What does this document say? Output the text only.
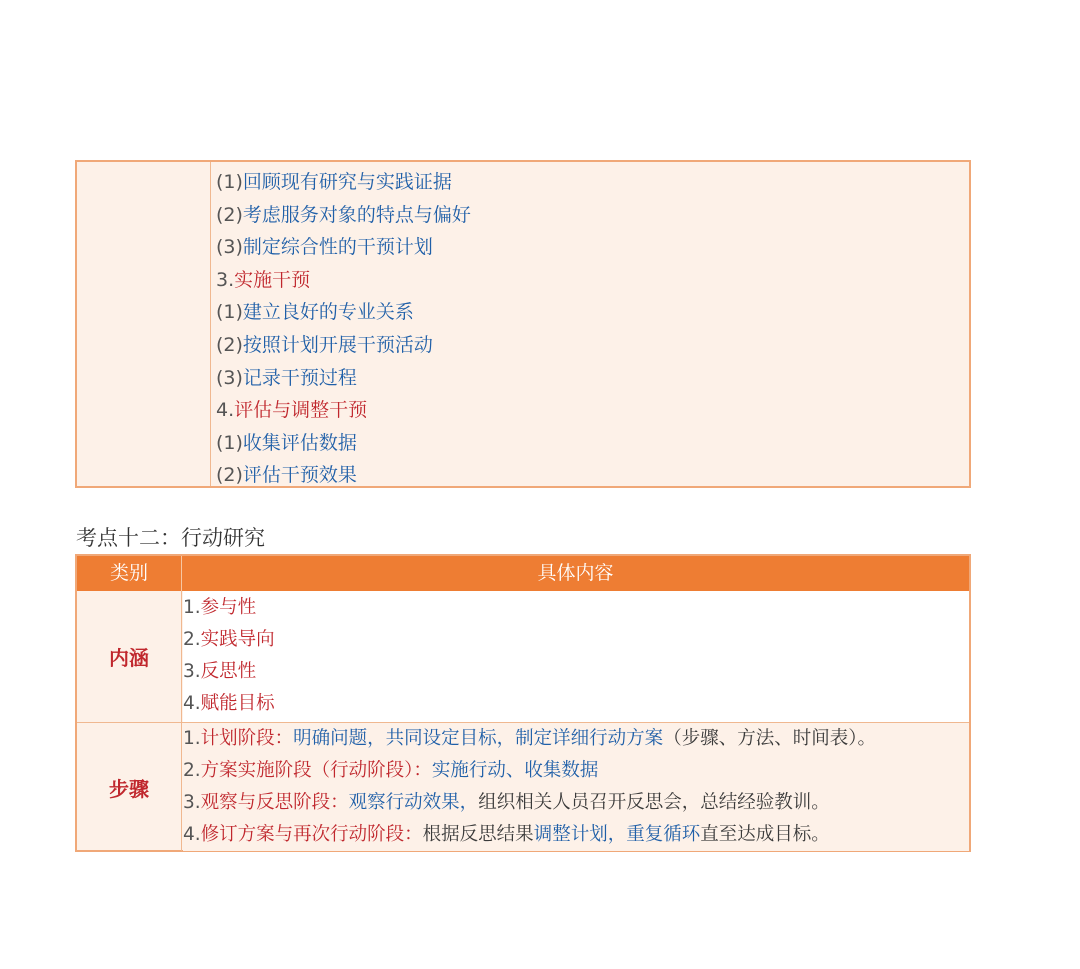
(1)回顾现有研究与实践证据
(2)考虑服务对象的特点与偏好
(3)制定综合性的干预计划
3.实施干预
(1)建立良好的专业关系
(2)按照计划开展干预活动
(3)记录干预过程
4.评估与调整干预
(1)收集评估数据
(2)评估干预效果
考点十二：行动研究
类别	具体内容
内涵
1.参与性
2.实践导向
3.反思性
4.赋能目标
步骤
1.计划阶段：明确问题，共同设定目标，制定详细行动方案（步骤、方法、时间表）。
2.方案实施阶段（行动阶段）：实施行动、收集数据
3.观察与反思阶段：观察行动效果，组织相关人员召开反思会，总结经验教训。
4.修订方案与再次行动阶段：根据反思结果调整计划，重复循环直至达成目标。
